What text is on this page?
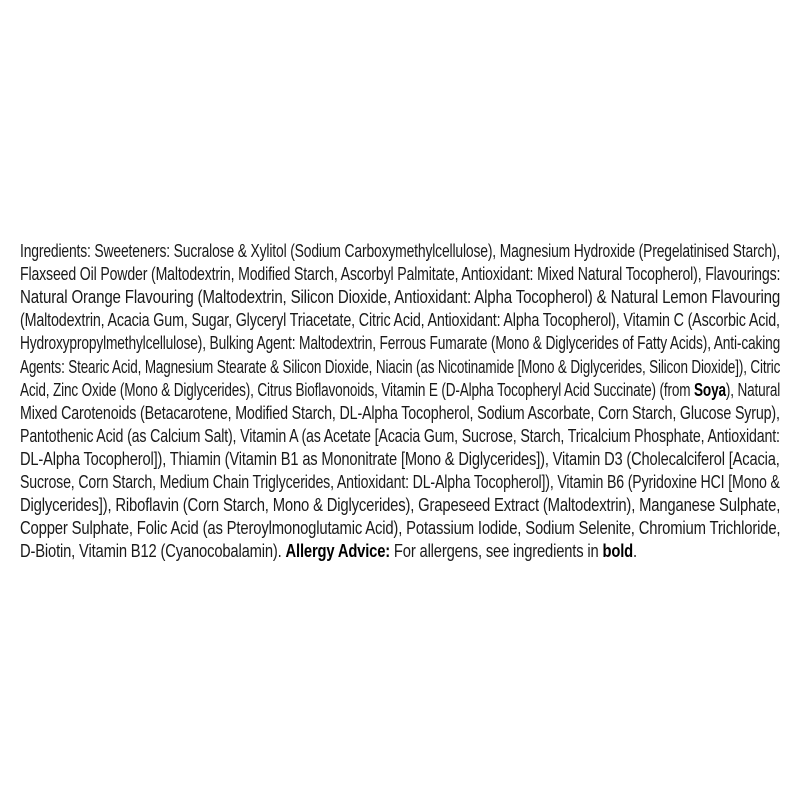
Ingredients: Sweeteners: Sucralose & Xylitol (Sodium Carboxymethylcellulose), Magnesium Hydroxide (Pregelatinised Starch),

Flaxseed Oil Powder (Maltodextrin, Modified Starch, Ascorbyl Palmitate, Antioxidant: Mixed Natural Tocopherol), Flavourings:

Natural Orange Flavouring (Maltodextrin, Silicon Dioxide, Antioxidant: Alpha Tocopherol) & Natural Lemon Flavouring

(Maltodextrin, Acacia Gum, Sugar, Glyceryl Triacetate, Citric Acid, Antioxidant: Alpha Tocopherol), Vitamin C (Ascorbic Acid,

Hydroxypropylmethylcellulose), Bulking Agent: Maltodextrin, Ferrous Fumarate (Mono & Diglycerides of Fatty Acids), Anti-caking

Agents: Stearic Acid, Magnesium Stearate & Silicon Dioxide, Niacin (as Nicotinamide [Mono & Diglycerides, Silicon Dioxide]), Citric

Acid, Zinc Oxide (Mono & Diglycerides), Citrus Bioflavonoids, Vitamin E (D-Alpha Tocopheryl Acid Succinate) (from Soya), Natural

Mixed Carotenoids (Betacarotene, Modified Starch, DL-Alpha Tocopherol, Sodium Ascorbate, Corn Starch, Glucose Syrup),

Pantothenic Acid (as Calcium Salt), Vitamin A (as Acetate [Acacia Gum, Sucrose, Starch, Tricalcium Phosphate, Antioxidant:

DL-Alpha Tocopherol]), Thiamin (Vitamin B1 as Mononitrate [Mono & Diglycerides]), Vitamin D3 (Cholecalciferol [Acacia,

Sucrose, Corn Starch, Medium Chain Triglycerides, Antioxidant: DL-Alpha Tocopherol]), Vitamin B6 (Pyridoxine HCI [Mono &

Diglycerides]), Riboflavin (Corn Starch, Mono & Diglycerides), Grapeseed Extract (Maltodextrin), Manganese Sulphate,

Copper Sulphate, Folic Acid (as Pteroylmonoglutamic Acid), Potassium Iodide, Sodium Selenite, Chromium Trichloride,

D-Biotin, Vitamin B12 (Cyanocobalamin). Allergy Advice: For allergens, see ingredients in bold.
